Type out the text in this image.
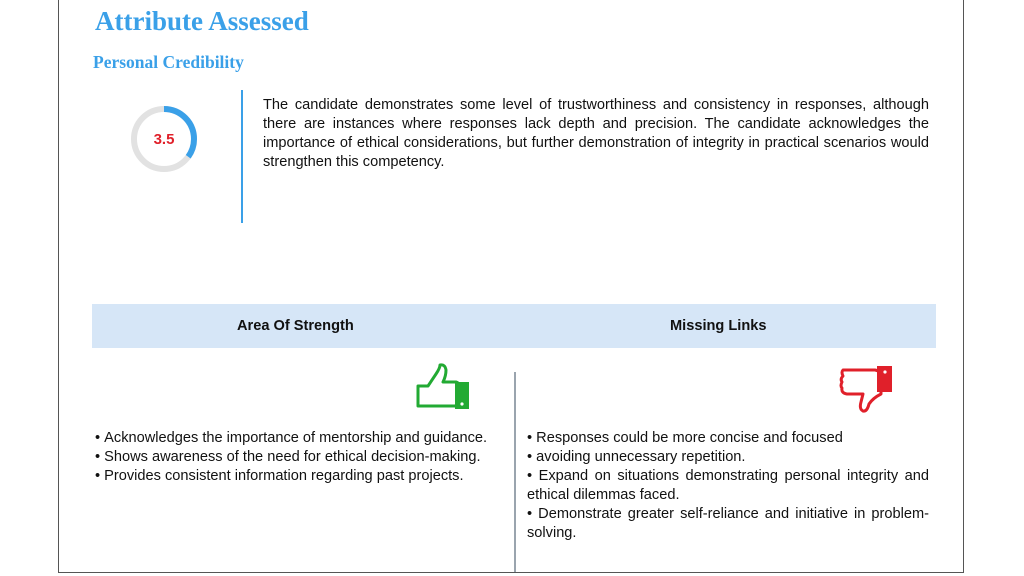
Attribute Assessed
Personal Credibility
3.5

The candidate demonstrates some level of trustworthiness and consistency in responses, although there are instances where responses lack depth and precision. The candidate acknowledges the importance of ethical considerations, but further demonstration of integrity in practical scenarios would strengthen this competency.

Area Of Strength	Missing Links
• Acknowledges the importance of mentorship and guidance.
• Shows awareness of the need for ethical decision-making.
• Provides consistent information regarding past projects.
• Responses could be more concise and focused
• avoiding unnecessary repetition.
• Expand on situations demonstrating personal integrity and ethical dilemmas faced.
• Demonstrate greater self-reliance and initiative in problem-solving.
